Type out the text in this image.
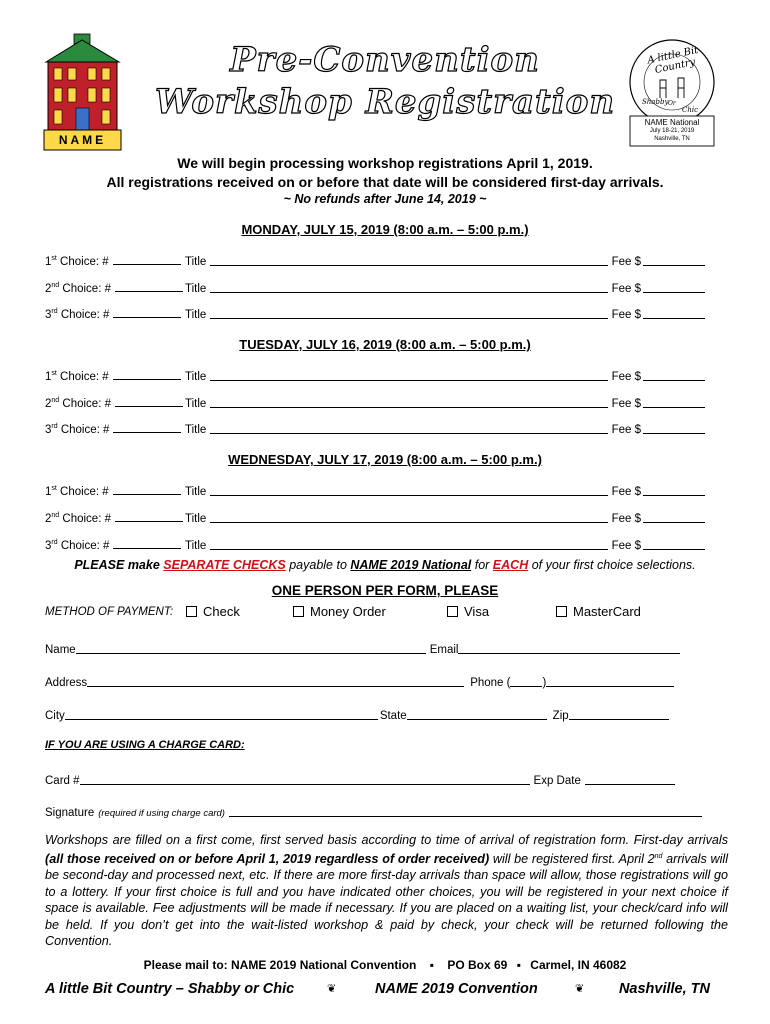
NAME
Pre-Convention
Workshop Registration
A little Bit Country
Shabby Or
Chic
NAME National
July 18-21, 2019
Nashville, TN
We will begin processing workshop registrations April 1, 2019.
All registrations received on or before that date will be considered first-day arrivals.
~ No refunds after June 14, 2019 ~
MONDAY, JULY 15, 2019 (8:00 a.m. – 5:00 p.m.)
1st Choice: #	Title	Fee $
2nd Choice: #	Title	Fee $
3rd Choice: #	Title	Fee $
TUESDAY, JULY 16, 2019 (8:00 a.m. – 5:00 p.m.)
1st Choice: #	Title	Fee $
2nd Choice: #	Title	Fee $
3rd Choice: #	Title	Fee $
WEDNESDAY, JULY 17, 2019 (8:00 a.m. – 5:00 p.m.)
1st Choice: #	Title	Fee $
2nd Choice: #	Title	Fee $
3rd Choice: #	Title	Fee $
PLEASE make SEPARATE CHECKS payable to NAME 2019 National for EACH of your first choice selections.
ONE PERSON PER FORM, PLEASE
METHOD OF PAYMENT:	Check	Money Order	Visa	MasterCard
Name	Email
Address	Phone (	)
City	State	Zip
IF YOU ARE USING A CHARGE CARD:
Card #	Exp Date
Signature (required if using charge card)
Workshops are filled on a first come, first served basis according to time of arrival of registration form. First-day arrivals (all those received on or before April 1, 2019 regardless of order received) will be registered first. April 2nd arrivals will be second-day and processed next, etc. If there are more first-day arrivals than space will allow, those registrations will go to a lottery. If your first choice is full and you have indicated other choices, you will be registered in your next choice if space is available. Fee adjustments will be made if necessary. If you are placed on a waiting list, your check/card info will be held. If you don’t get into the wait-listed workshop & paid by check, your check will be returned following the Convention.
Please mail to: NAME 2019 National Convention ▪ PO Box 69 ▪ Carmel, IN 46082
A little Bit Country – Shabby or Chic	❦	NAME 2019 Convention	❦ Nashville, TN
